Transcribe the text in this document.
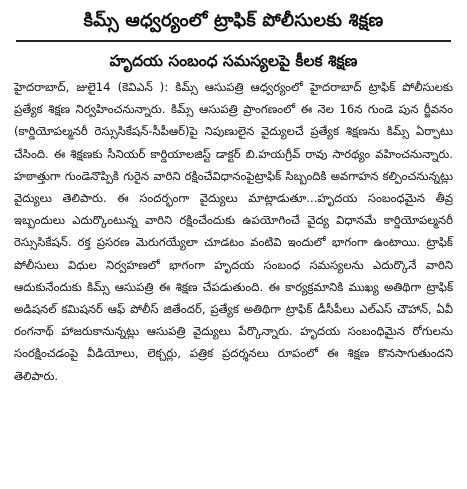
కిమ్స్ ఆధ్వర్యంలో ట్రాఫిక్ పోలీసులకు శిక్షణ
హృదయ సంబంధ సమస్యలపై కీలక శిక్షణ

హైదరాబాద్, జులై14 (కెవిఎన్ ): కిమ్స్ ఆసుపత్రి ఆధ్వర్యంలో హైదరాబాద్ ట్రాఫిక్ పోలీసులకు ప్రత్యేక శిక్షణ నిర్వహించనున్నారు. కిమ్స్ ఆసుపత్రి ప్రాంగణంలో ఈ నెల 16న గుండె పున ర్జీవనం (కార్డియోపల్మనరీ రెస్సుసికేషన్-సీపీఆర్)పై నిపుణులైన వైద్యులచే ప్రత్యేక శిక్షణను కిమ్స్ ఏర్పాటు చేసింది. ఈ శిక్షణకు సీనియర్ కార్డియాలజిస్ట్ డాక్టర్ బి.హయగ్రీవ్ రావు సారథ్యం వహించనున్నారు. హఠాత్తుగా గుండెనొప్పికి గురైన వారిని రక్షించేవిధానంపైట్రాఫిక్ సిబ్బందికి అవగాహన కల్పించనున్నట్లు వైద్యులు తెలిపారు. ఈ సందర్భంగా వైద్యులు మాట్లాడుతూ...హృదయ సంబంధమైన తీవ్ర ఇబ్బందులు ఎదుర్కొంటున్న వారిని రక్షించేందుకు ఉపయోగించే వైద్య విధానమే కార్డియోపల్మనరీ రెస్సుసికేషన్. రక్త ప్రసరణ మెరుగయ్యేలా చూడటం వంటివి ఇందులో భాగంగా ఉంటాయి. ట్రాఫిక్ పోలీసులు విధుల నిర్వహణలో భాగంగా హృదయ సంబంధ సమస్యలను ఎదుర్కొనే వారిని ఆదుకునేందుకు కిమ్స్ ఆసుపత్రి ఈ శిక్షణ చేపడుతుంది. ఈ కార్యక్రమానికి ముఖ్య అతిథిగా ట్రాఫిక్ అడిషనల్ కమిషనర్ ఆఫ్ పోలీస్ జితేందర్, ప్రత్యేక అతిథిగా ట్రాఫిక్ డీసీపీలు ఎల్ఎస్ చౌహాన్, ఏవీ రంగనాథ్ హాజరుకానున్నట్లు ఆసుపత్రి వైద్యులు పేర్కొన్నారు. హృదయ సంబంధిమైన రోగులను సంరక్షించడంపై వీడియోలు, లెక్చర్లు, పత్రిక ప్రదర్శనలు రూపంలో ఈ శిక్షణ కొనసాగుతుందని తెలిపారు.
